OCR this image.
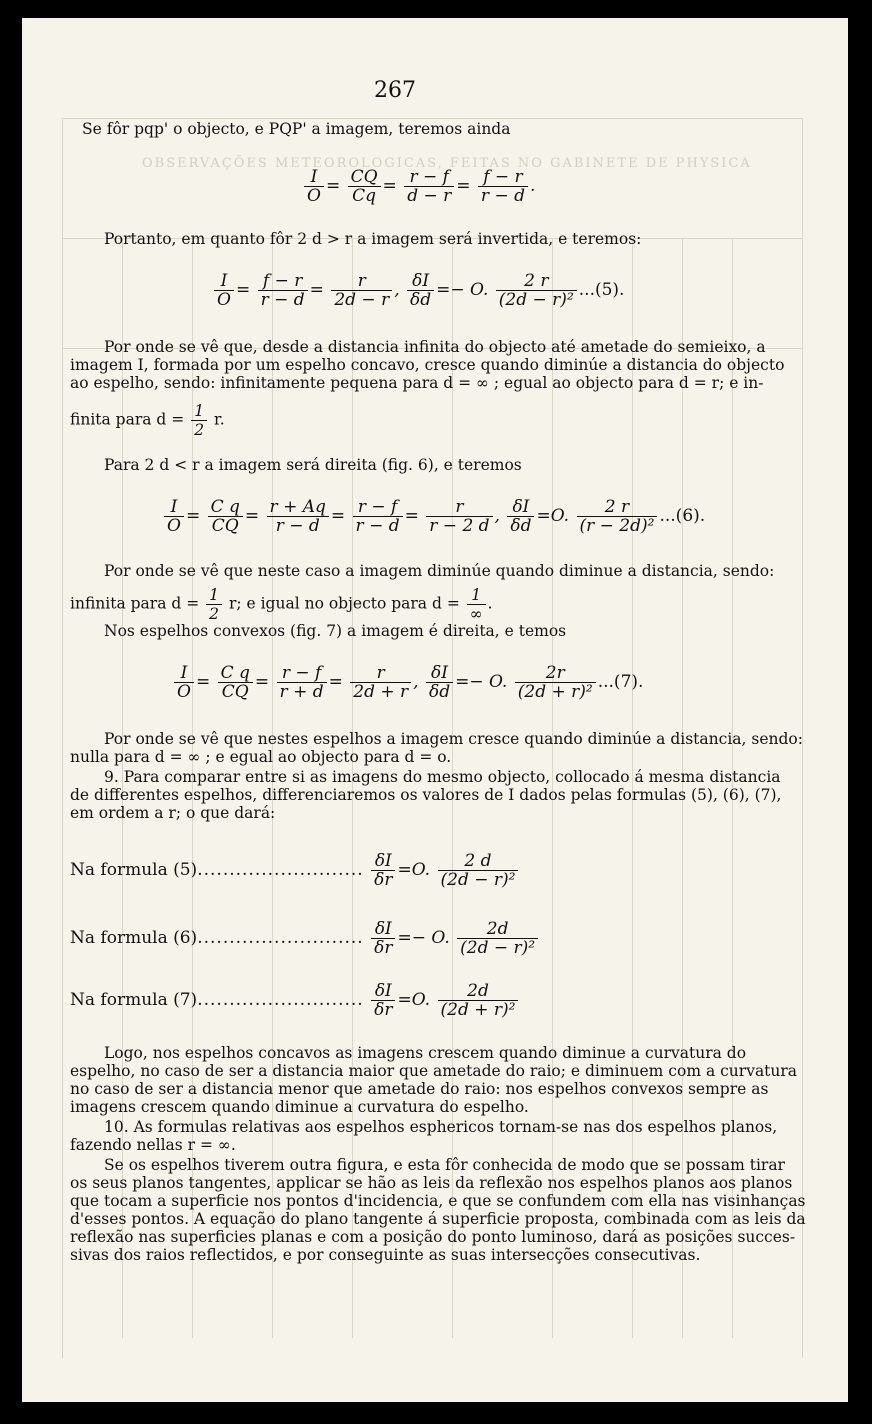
OBSERVAÇÕES METEOROLOGICAS, FEITAS NO GABINETE DE PHYSICA
267
Se fôr pqp' o objecto, e PQP' a imagem, teremos ainda
$\frac{I}{O} = \frac{CQ}{Cq} = \frac{r - f}{d - r} = \frac{f - r}{r - d}$ .
Portanto, em quanto fôr 2 d > r a imagem será invertida, e teremos:
$\frac{I}{O} = \frac{f - r}{r - d} = \frac{r}{2d - r}$ , $\frac{\delta I}{\delta d} =- O$. $\frac{2 r}{\text{(2d − r)²}} ...(5)$.
Por onde se vê que, desde a distancia infinita do objecto até ametade do semieixo, a
imagem I, formada por um espelho concavo, cresce quando diminúe a distancia do objecto
ao espelho, sendo: infinitamente pequena para d = ∞ ; egual ao objecto para d = r; e in-
finita para $d = \frac{1}{2} r$.
Para 2 d < r a imagem será direita (fig. 6), e teremos
$\frac{I}{O} = \frac{\text{C q}}{CQ} = \frac{r + Aq}{r - d} = \frac{r - f}{r - d} = \frac{r}{r - 2 d}$ , $\frac{\delta I}{\delta d} =O$. $\frac{2 r}{\text{(r − 2d)²}} ...(6)$.
Por onde se vê que neste caso a imagem diminúe quando diminue a distancia, sendo:
infinita para $d = \frac{1}{2} r$; e igual no objecto para $d = \frac{1}{\infty}$ .
Nos espelhos convexos (fig. 7) a imagem é direita, e temos
$\frac{I}{O} = \frac{\text{C q}}{CQ} = \frac{r - f}{r + d} = \frac{r}{2d + r}$ , $\frac{\delta I}{\delta d} =- O$. $\frac{2r}{\text{(2d + r)²}} ...(7)$.
Por onde se vê que nestes espelhos a imagem cresce quando diminúe a distancia, sendo:
nulla para d = ∞ ; e egual ao objecto para d = o.
9. Para comparar entre si as imagens do mesmo objecto, collocado á mesma distancia
de differentes espelhos, differenciaremos os valores de I dados pelas formulas (5), (6), (7),
em ordem a r; o que dará:
Na formula (5).......................... $\frac{\delta I}{\delta r} =O$. $\frac{2 d}{\text{(2d − r)²}}$
Na formula (6).......................... $\frac{\delta I}{\delta r} =- O$. $\frac{2d}{\text{(2d − r)²}}$
Na formula (7).......................... $\frac{\delta I}{\delta r} =O$. $\frac{2d}{\text{(2d + r)²}}$
Logo, nos espelhos concavos as imagens crescem quando diminue a curvatura do
espelho, no caso de ser a distancia maior que ametade do raio; e diminuem com a curvatura
no caso de ser a distancia menor que ametade do raio: nos espelhos convexos sempre as
imagens crescem quando diminue a curvatura do espelho.
10. As formulas relativas aos espelhos esphericos tornam-se nas dos espelhos planos,
fazendo nellas r = ∞.
Se os espelhos tiverem outra figura, e esta fôr conhecida de modo que se possam tirar
os seus planos tangentes, applicar se hão as leis da reflexão nos espelhos planos aos planos
que tocam a superficie nos pontos d'incidencia, e que se confundem com ella nas visinhanças
d'esses pontos. A equação do plano tangente á superficie proposta, combinada com as leis da
reflexão nas superficies planas e com a posição do ponto luminoso, dará as posições succes-
sivas dos raios reflectidos, e por conseguinte as suas intersecções consecutivas.
